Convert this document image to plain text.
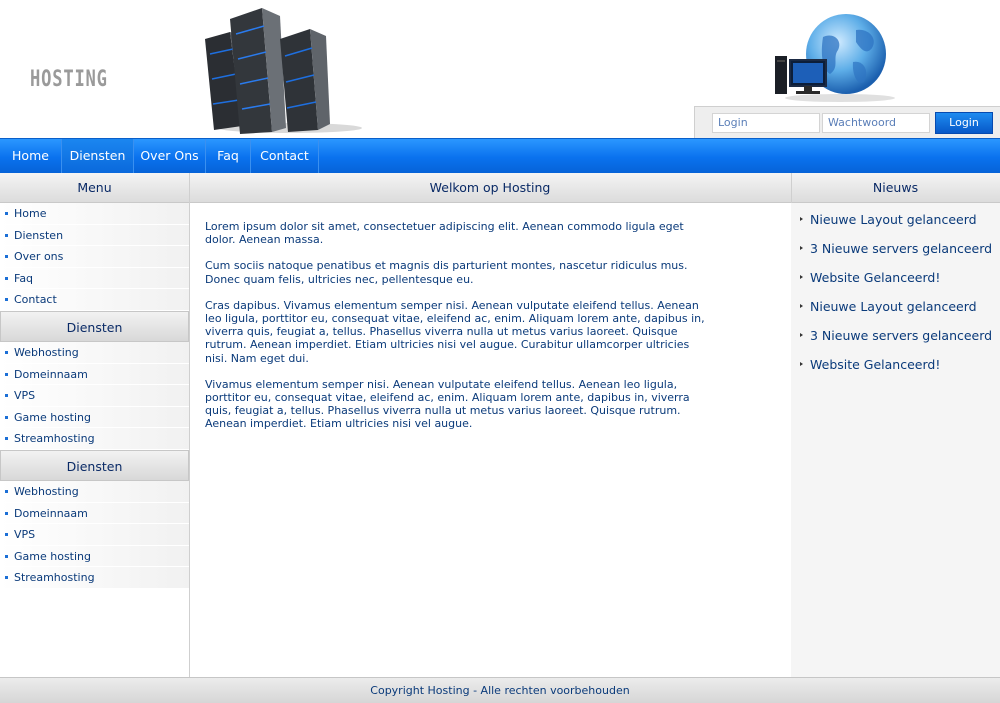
HOSTING
Login	Wachtwoord	Login
Home	Diensten	Over Ons	Faq	Contact
Menu	Welkom op Hosting	Nieuws
Home
Diensten
Over ons
Faq
Contact
Diensten
Webhosting
Domeinnaam
VPS
Game hosting
Streamhosting
Diensten
Webhosting
Domeinnaam
VPS
Game hosting
Streamhosting

Lorem ipsum dolor sit amet, consectetuer adipiscing elit. Aenean commodo ligula eget dolor. Aenean massa.

Cum sociis natoque penatibus et magnis dis parturient montes, nascetur ridiculus mus. Donec quam felis, ultricies nec, pellentesque eu.

Cras dapibus. Vivamus elementum semper nisi. Aenean vulputate eleifend tellus. Aenean leo ligula, porttitor eu, consequat vitae, eleifend ac, enim. Aliquam lorem ante, dapibus in, viverra quis, feugiat a, tellus. Phasellus viverra nulla ut metus varius laoreet. Quisque rutrum. Aenean imperdiet. Etiam ultricies nisi vel augue. Curabitur ullamcorper ultricies nisi. Nam eget dui.

Vivamus elementum semper nisi. Aenean vulputate eleifend tellus. Aenean leo ligula, porttitor eu, consequat vitae, eleifend ac, enim. Aliquam lorem ante, dapibus in, viverra quis, feugiat a, tellus. Phasellus viverra nulla ut metus varius laoreet. Quisque rutrum. Aenean imperdiet. Etiam ultricies nisi vel augue.

Nieuwe Layout gelanceerd
3 Nieuwe servers gelanceerd
Website Gelanceerd!
Nieuwe Layout gelanceerd
3 Nieuwe servers gelanceerd
Website Gelanceerd!
Copyright Hosting - Alle rechten voorbehouden
